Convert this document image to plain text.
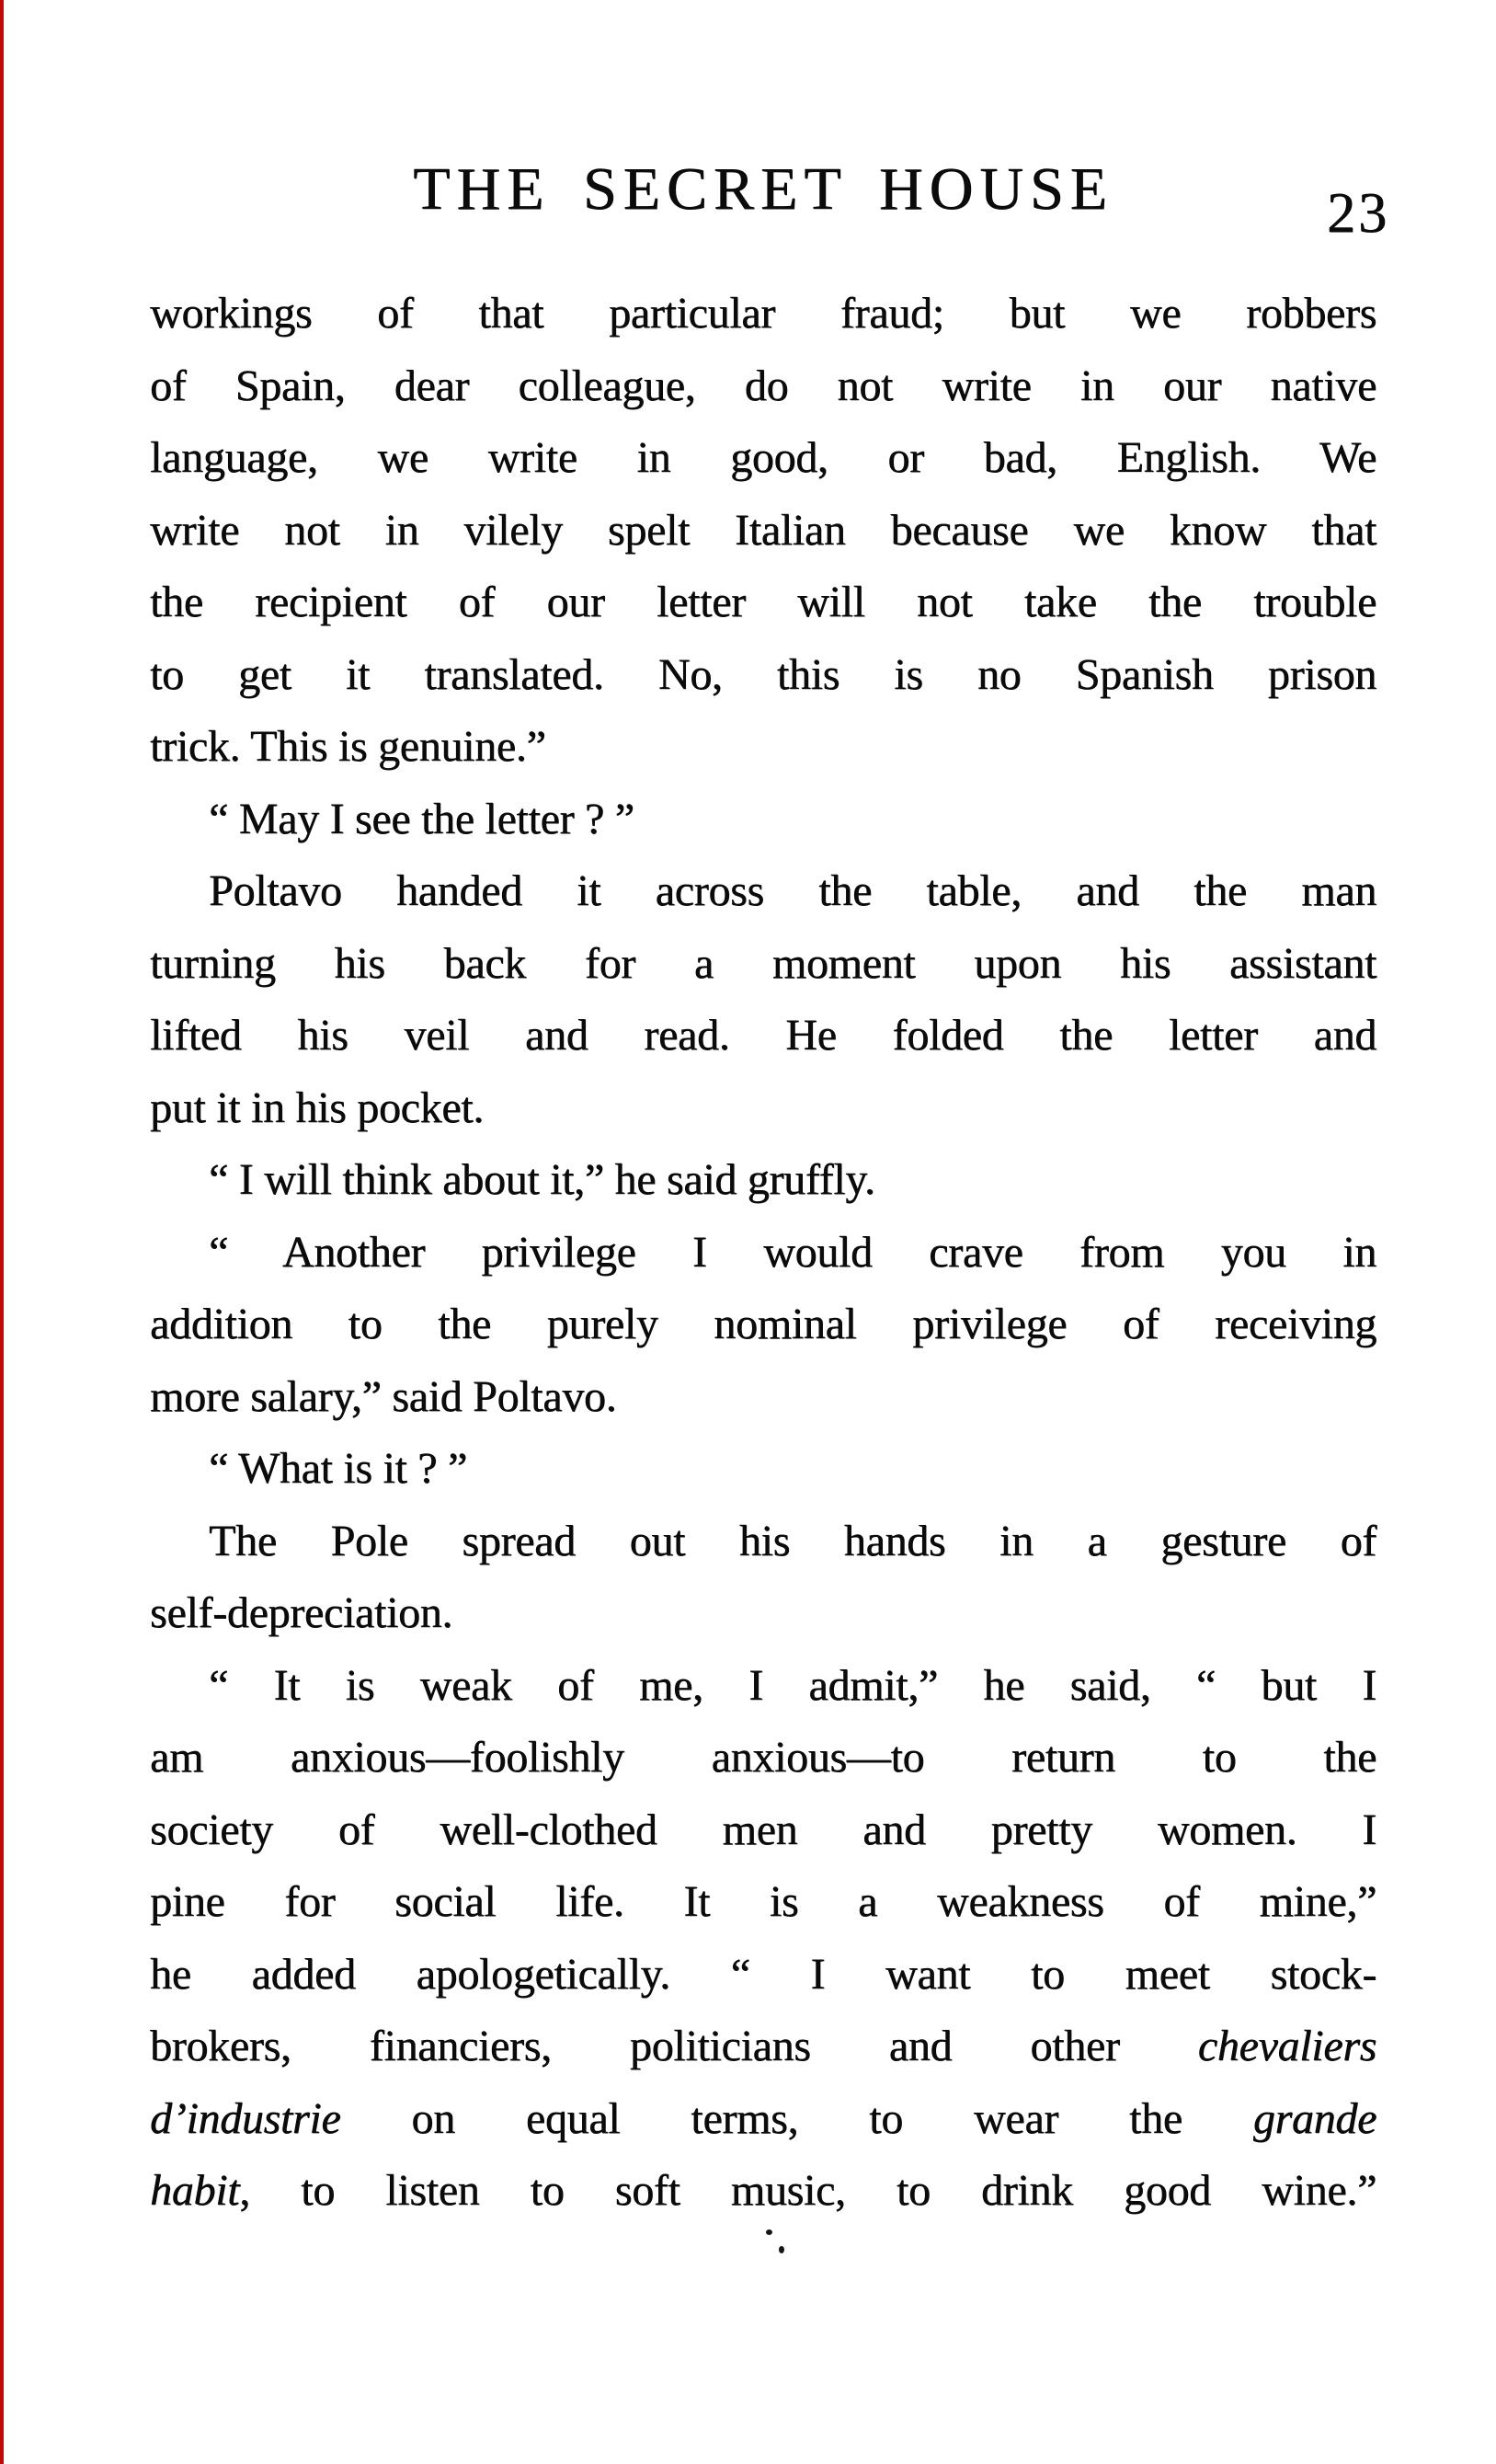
THE SECRET HOUSE	23
workings of that particular fraud; but we robbers
of Spain, dear colleague, do not write in our native
language, we write in good, or bad, English. We
write not in vilely spelt Italian because we know that
the recipient of our letter will not take the trouble
to get it translated. No, this is no Spanish prison
trick. This is genuine.”
“ May I see the letter ? ”
Poltavo handed it across the table, and the man
turning his back for a moment upon his assistant
lifted his veil and read. He folded the letter and
put it in his pocket.
“ I will think about it,” he said gruffly.
“ Another privilege I would crave from you in
addition to the purely nominal privilege of receiving
more salary,” said Poltavo.
“ What is it ? ”
The Pole spread out his hands in a gesture of
self-depreciation.
“ It is weak of me, I admit,” he said, “ but I
am anxious—foolishly anxious—to return to the
society of well-clothed men and pretty women. I
pine for social life. It is a weakness of mine,”
he added apologetically. “ I want to meet stock-
brokers, financiers, politicians and other chevaliers
d’industrie on equal terms, to wear the grande
habit, to listen to soft music, to drink good wine.”
